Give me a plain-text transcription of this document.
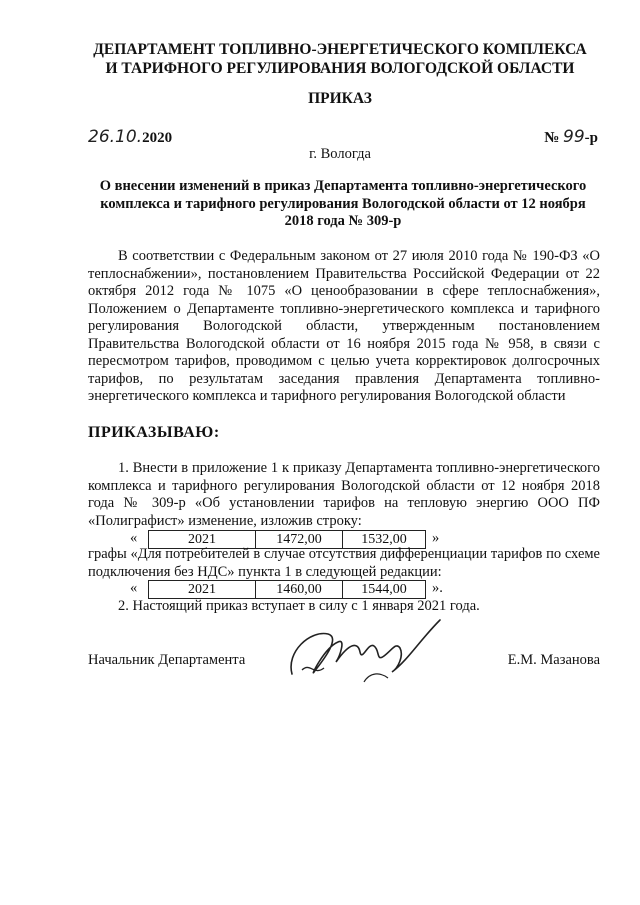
ДЕПАРТАМЕНТ ТОПЛИВНО-ЭНЕРГЕТИЧЕСКОГО КОМПЛЕКСА
И ТАРИФНОГО РЕГУЛИРОВАНИЯ ВОЛОГОДСКОЙ ОБЛАСТИ
ПРИКАЗ
26.10.2020	№ 99-р
г. Вологда
О внесении изменений в приказ Департамента топливно-энергетического комплекса и тарифного регулирования Вологодской области от 12 ноября 2018 года № 309-р
В соответствии с Федеральным законом от 27 июля 2010 года № 190-ФЗ «О теплоснабжении», постановлением Правительства Российской Федерации от 22 октября 2012 года № 1075 «О ценообразовании в сфере теплоснабжения», Положением о Департаменте топливно-энергетического комплекса и тарифного регулирования Вологодской области, утвержденным постановлением Правительства Вологодской области от 16 ноября 2015 года № 958, в связи с пересмотром тарифов, проводимом с целью учета корректировок долгосрочных тарифов, по результатам заседания правления Департамента топливно-энергетического комплекса и тарифного регулирования Вологодской области
ПРИКАЗЫВАЮ:
1. Внести в приложение 1 к приказу Департамента топливно-энергетического комплекса и тарифного регулирования Вологодской области от 12 ноября 2018 года № 309-р «Об установлении тарифов на тепловую энергию ООО ПФ «Полиграфист» изменение, изложив строку:
«	2021	1472,00	1532,00	»
графы «Для потребителей в случае отсутствия дифференциации тарифов по схеме подключения без НДС» пункта 1 в следующей редакции:
«	2021	1460,00	1544,00	».
2. Настоящий приказ вступает в силу с 1 января 2021 года.
Начальник Департамента	Е.М. Мазанова
